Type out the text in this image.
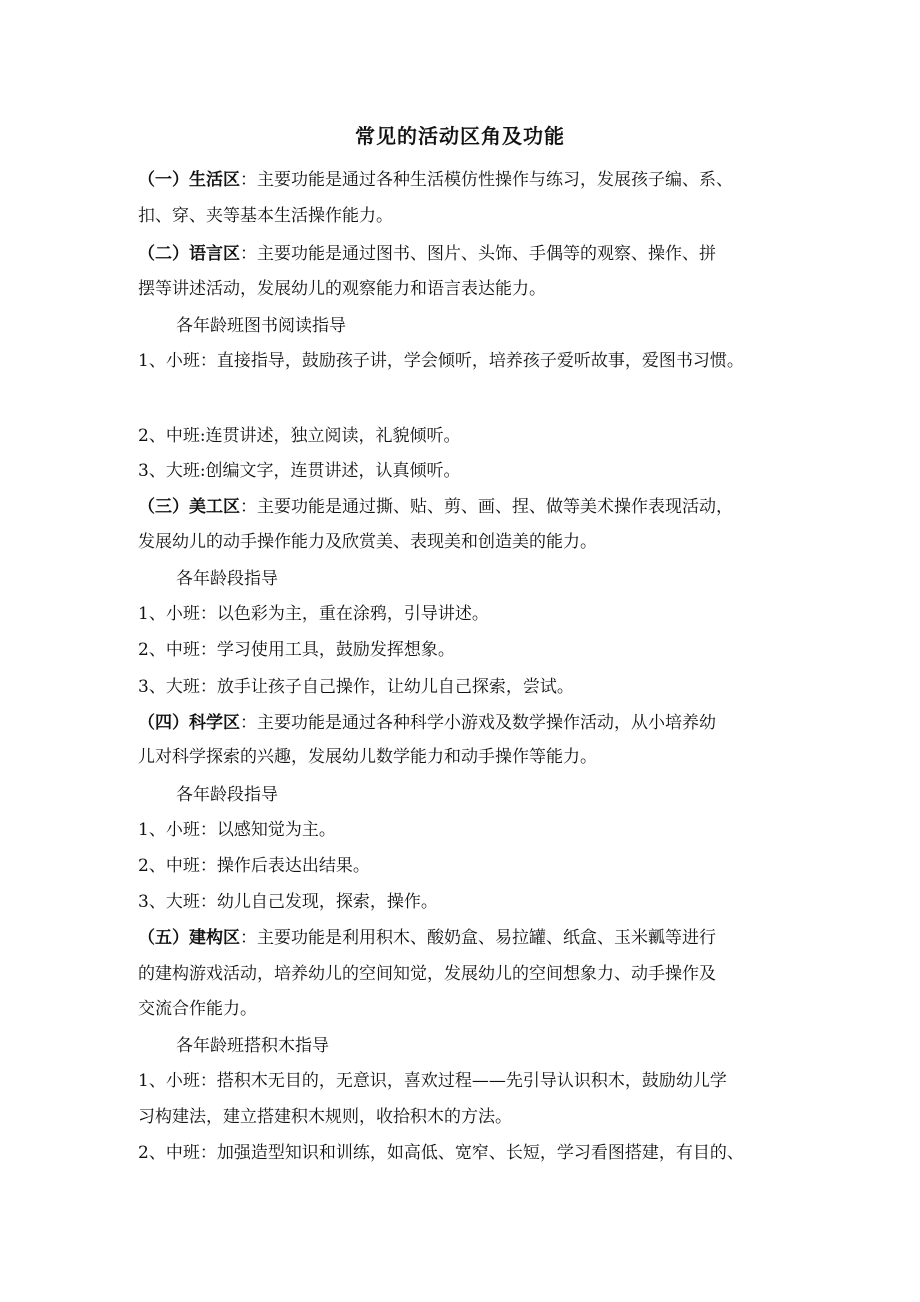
常见的活动区角及功能
（一）生活区：主要功能是通过各种生活模仿性操作与练习，发展孩子编、系、
扣、穿、夹等基本生活操作能力。
（二）语言区：主要功能是通过图书、图片、头饰、手偶等的观察、操作、拼
摆等讲述活动，发展幼儿的观察能力和语言表达能力。
各年龄班图书阅读指导
1、小班：直接指导，鼓励孩子讲，学会倾听，培养孩子爱听故事，爱图书习惯。
2、中班:连贯讲述，独立阅读，礼貌倾听。
3、大班:创编文字，连贯讲述，认真倾听。
（三）美工区：主要功能是通过撕、贴、剪、画、捏、做等美术操作表现活动，
发展幼儿的动手操作能力及欣赏美、表现美和创造美的能力。
各年龄段指导
1、小班：以色彩为主，重在涂鸦，引导讲述。
2、中班：学习使用工具，鼓励发挥想象。
3、大班：放手让孩子自己操作，让幼儿自己探索，尝试。
（四）科学区：主要功能是通过各种科学小游戏及数学操作活动，从小培养幼
儿对科学探索的兴趣，发展幼儿数学能力和动手操作等能力。
各年龄段指导
1、小班：以感知觉为主。
2、中班：操作后表达出结果。
3、大班：幼儿自己发现，探索，操作。
（五）建构区：主要功能是利用积木、酸奶盒、易拉罐、纸盒、玉米瓤等进行
的建构游戏活动，培养幼儿的空间知觉，发展幼儿的空间想象力、动手操作及
交流合作能力。
各年龄班搭积木指导
1、小班：搭积木无目的，无意识，喜欢过程——先引导认识积木，鼓励幼儿学
习构建法，建立搭建积木规则，收拾积木的方法。
2、中班：加强造型知识和训练，如高低、宽窄、长短，学习看图搭建，有目的、
